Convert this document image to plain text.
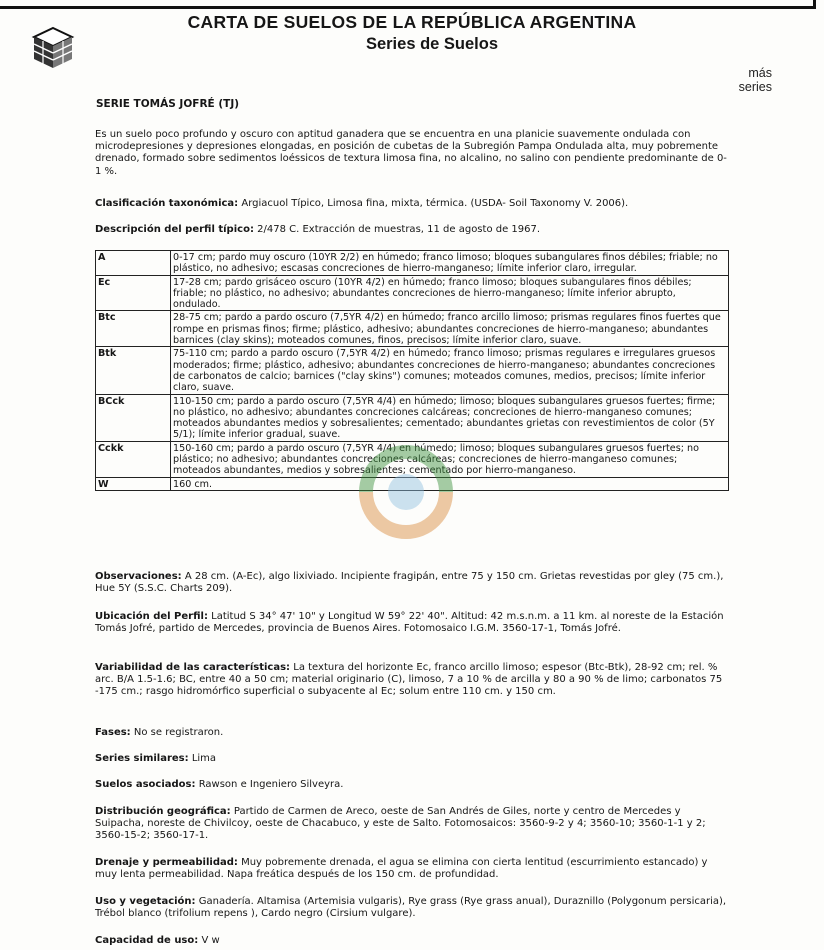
CARTA DE SUELOS DE LA REPÚBLICA ARGENTINA
Series de Suelos
más
series
SERIE TOMÁS JOFRÉ (TJ)
Es un suelo poco profundo y oscuro con aptitud ganadera que se encuentra en una planicie suavemente ondulada con microdepresiones y depresiones elongadas, en posición de cubetas de la Subregión Pampa Ondulada alta, muy pobremente drenado, formado sobre sedimentos loéssicos de textura limosa fina, no alcalino, no salino con pendiente predominante de 0-1 %.
Clasificación taxonómica: Argiacuol Típico, Limosa fina, mixta, térmica. (USDA- Soil Taxonomy V. 2006).
Descripción del perfil típico: 2/478 C. Extracción de muestras, 11 de agosto de 1967.
A	0-17 cm; pardo muy oscuro (10YR 2/2) en húmedo; franco limoso; bloques subangulares finos débiles; friable; no plástico, no adhesivo; escasas concreciones de hierro-manganeso; límite inferior claro, irregular.
Ec	17-28 cm; pardo grisáceo oscuro (10YR 4/2) en húmedo; franco limoso; bloques subangulares finos débiles; friable; no plástico, no adhesivo; abundantes concreciones de hierro-manganeso; límite inferior abrupto, ondulado.
Btc	28-75 cm; pardo a pardo oscuro (7,5YR 4/2) en húmedo; franco arcillo limoso; prismas regulares finos fuertes que rompe en prismas finos; firme; plástico, adhesivo; abundantes concreciones de hierro-manganeso; abundantes barnices (clay skins); moteados comunes, finos, precisos; límite inferior claro, suave.
Btk	75-110 cm; pardo a pardo oscuro (7,5YR 4/2) en húmedo; franco limoso; prismas regulares e irregulares gruesos moderados; firme; plástico, adhesivo; abundantes concreciones de hierro-manganeso; abundantes concreciones de carbonatos de calcio; barnices ("clay skins") comunes; moteados comunes, medios, precisos; límite inferior claro, suave.
BCck	110-150 cm; pardo a pardo oscuro (7,5YR 4/4) en húmedo; limoso; bloques subangulares gruesos fuertes; firme; no plástico, no adhesivo; abundantes concreciones calcáreas; concreciones de hierro-manganeso comunes; moteados abundantes medios y sobresalientes; cementado; abundantes grietas con revestimientos de color (5Y 5/1); límite inferior gradual, suave.
Cckk	150-160 cm; pardo a pardo oscuro (7,5YR 4/4) en húmedo; limoso; bloques subangulares gruesos fuertes; no plástico; no adhesivo; abundantes concreciones calcáreas; concreciones de hierro-manganeso comunes; moteados abundantes, medios y sobresalientes; cementado por hierro-manganeso.
W	160 cm.
Observaciones: A 28 cm. (A-Ec), algo lixiviado. Incipiente fragipán, entre 75 y 150 cm. Grietas revestidas por gley (75 cm.), Hue 5Y (S.S.C. Charts 209).
Ubicación del Perfil: Latitud S 34° 47' 10" y Longitud W 59° 22' 40". Altitud: 42 m.s.n.m. a 11 km. al noreste de la Estación Tomás Jofré, partido de Mercedes, provincia de Buenos Aires. Fotomosaico I.G.M. 3560-17-1, Tomás Jofré.
Variabilidad de las características: La textura del horizonte Ec, franco arcillo limoso; espesor (Btc-Btk), 28-92 cm; rel. % arc. B/A 1.5-1.6; BC, entre 40 a 50 cm; material originario (C), limoso, 7 a 10 % de arcilla y 80 a 90 % de limo; carbonatos 75 -175 cm.; rasgo hidromórfico superficial o subyacente al Ec; solum entre 110 cm. y 150 cm.
Fases: No se registraron.
Series similares: Lima
Suelos asociados: Rawson e Ingeniero Silveyra.
Distribución geográfica: Partido de Carmen de Areco, oeste de San Andrés de Giles, norte y centro de Mercedes y Suipacha, noreste de Chivilcoy, oeste de Chacabuco, y este de Salto. Fotomosaicos: 3560-9-2 y 4; 3560-10; 3560-1-1 y 2; 3560-15-2; 3560-17-1.
Drenaje y permeabilidad: Muy pobremente drenada, el agua se elimina con cierta lentitud (escurrimiento estancado) y muy lenta permeabilidad. Napa freática después de los 150 cm. de profundidad.
Uso y vegetación: Ganadería. Altamisa (Artemisia vulgaris), Rye grass (Rye grass anual), Duraznillo (Polygonum persicaria), Trébol blanco (trifolium repens ), Cardo negro (Cirsium vulgare).
Capacidad de uso: V w
